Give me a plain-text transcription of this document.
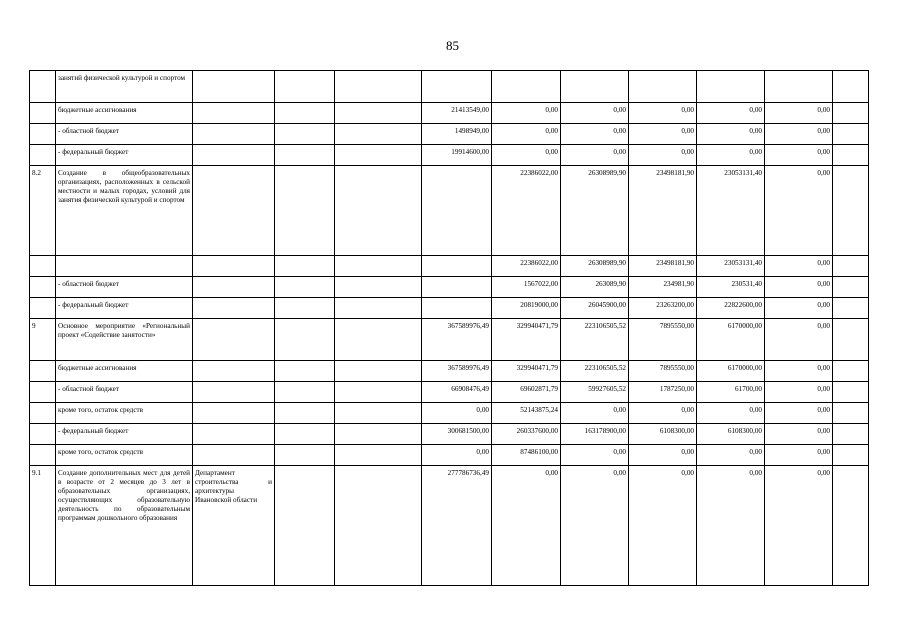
85
	занятий физической культурой и спортом										
	бюджетные ассигнования				21413549,00	0,00	0,00	0,00	0,00	0,00	
	- областной бюджет				1498949,00	0,00	0,00	0,00	0,00	0,00	
	- федеральный бюджет				19914600,00	0,00	0,00	0,00	0,00	0,00	
8.2	Создание в общеобразовательных организациях, расположенных в сельской местности и малых городах, условий для занятия физической культурой и спортом					22386022,00	26308989,90	23498181,90	23053131,40	0,00	
						22386022,00	26308989,90	23498181,90	23053131,40	0,00	
	- областной бюджет					1567022,00	263089,90	234981,90	230531,40	0,00	
	- федеральный бюджет					20819000,00	26045900,00	23263200,00	22822600,00	0,00	
9	Основное мероприятие «Региональный проект «Содействие занятости»				367589976,49	329940471,79	223106505,52	7895550,00	6170000,00	0,00	
	бюджетные ассигнования				367589976,49	329940471,79	223106505,52	7895550,00	6170000,00	0,00	
	- областной бюджет				66908476,49	69602871,79	59927605,52	1787250,00	61700,00	0,00	
	кроме того, остаток средств				0,00	52143875,24	0,00	0,00	0,00	0,00	
	- федеральный бюджет				300681500,00	260337600,00	163178900,00	6108300,00	6108300,00	0,00	
	кроме того, остаток средств				0,00	87486100,00	0,00	0,00	0,00	0,00	
9.1	Создание дополнительных мест для детей в возрасте от 2 месяцев до 3 лет в образовательных организациях, осуществляющих образовательную деятельность по образовательным программам дошкольного образования	Департамент строительства и архитектуры Ивановской области			277786736,49	0,00	0,00	0,00	0,00	0,00	
